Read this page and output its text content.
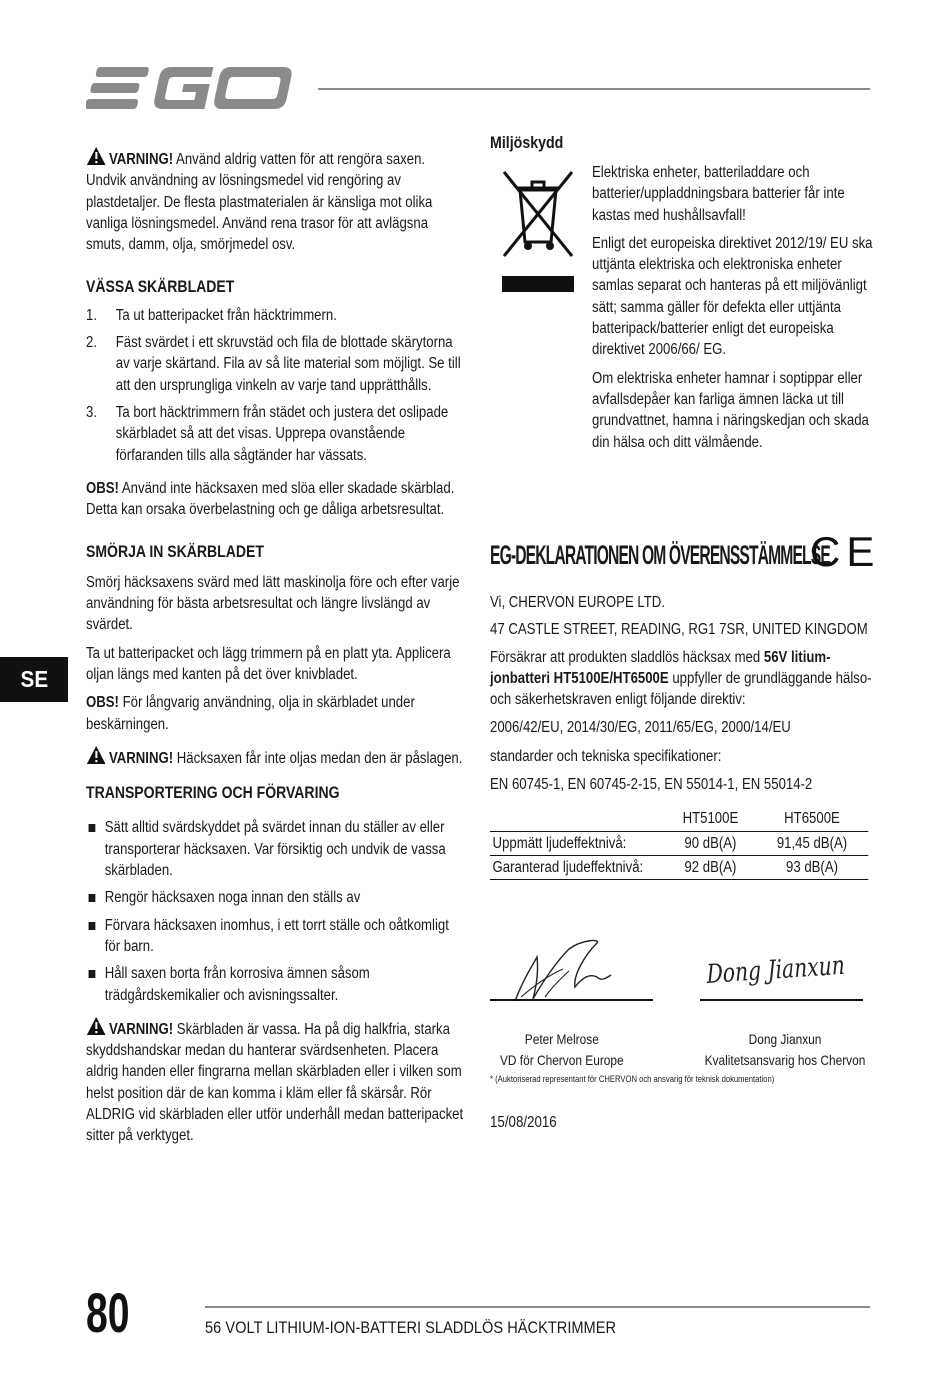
SE

VARNING! Använd aldrig vatten för att rengöra saxen. Undvik användning av lösningsmedel vid rengöring av plastdetaljer. De flesta plastmaterialen är känsliga mot olika vanliga lösningsmedel. Använd rena trasor för att avlägsna smuts, damm, olja, smörjmedel osv.

VÄSSA SKÄRBLADET

1. Ta ut batteripacket från häcktrimmern.
2. Fäst svärdet i ett skruvstäd och fila de blottade skärytorna av varje skärtand. Fila av så lite material som möjligt. Se till att den ursprungliga vinkeln av varje tand upprätthålls.
3. Ta bort häcktrimmern från städet och justera det oslipade skärbladet så att det visas. Upprepa ovanstående förfaranden tills alla sågtänder har vässats.

OBS! Använd inte häcksaxen med slöa eller skadade skärblad. Detta kan orsaka överbelastning och ge dåliga arbetsresultat.

SMÖRJA IN SKÄRBLADET

Smörj häcksaxens svärd med lätt maskinolja före och efter varje användning för bästa arbetsresultat och längre livslängd av svärdet.

Ta ut batteripacket och lägg trimmern på en platt yta. Applicera oljan längs med kanten på det över knivbladet.

OBS! För långvarig användning, olja in skärbladet under beskärningen.

VARNING! Häcksaxen får inte oljas medan den är påslagen.

TRANSPORTERING OCH FÖRVARING

Sätt alltid svärdskyddet på svärdet innan du ställer av eller transporterar häcksaxen. Var försiktig och undvik de vassa skärbladen.
Rengör häcksaxen noga innan den ställs av
Förvara häcksaxen inomhus, i ett torrt ställe och oåtkomligt för barn.
Håll saxen borta från korrosiva ämnen såsom trädgårdskemikalier och avisningssalter.

VARNING! Skärbladen är vassa. Ha på dig halkfria, starka skyddshandskar medan du hanterar svärdsenheten. Placera aldrig handen eller fingrarna mellan skärbladen eller i vilken som helst position där de kan komma i kläm eller få skärsår. Rör ALDRIG vid skärbladen eller utför underhåll medan batteripacket sitter på verktyget.

Miljöskydd

Elektriska enheter, batteriladdare och batterier/uppladdningsbara batterier får inte kastas med hushållsavfall!

Enligt det europeiska direktivet 2012/19/ EU ska uttjänta elektriska och elektroniska enheter samlas separat och hanteras på ett miljövänligt sätt; samma gäller för defekta eller uttjänta batteripack/batterier enligt det europeiska direktivet 2006/66/ EG.

Om elektriska enheter hamnar i soptippar eller avfallsdepåer kan farliga ämnen läcka ut till grundvattnet, hamna i näringskedjan och skada din hälsa och ditt välmående.

EG-DEKLARATIONEN OM ÖVERENSSTÄMMELSE
CE

Vi, CHERVON EUROPE LTD.

47 CASTLE STREET, READING, RG1 7SR, UNITED KINGDOM

Försäkrar att produkten sladdlös häcksax med 56V litium-jonbatteri HT5100E/HT6500E uppfyller de grundläggande hälso- och säkerhetskraven enligt följande direktiv:

2006/42/EU, 2014/30/EG, 2011/65/EG, 2000/14/EU

standarder och tekniska specifikationer:

EN 60745-1, EN 60745-2-15, EN 55014-1, EN 55014-2

	HT5100E	HT6500E
Uppmätt ljudeffektnivå:	90 dB(A)	91,45 dB(A)
Garanterad ljudeffektnivå:	92 dB(A)	93 dB(A)
Dong Jianxun
Peter Melrose
VD för Chervon Europe
Dong Jianxun
Kvalitetsansvarig hos Chervon
* (Auktoriserad representant för CHERVON och ansvarig för teknisk dokumentation)
15/08/2016
80	56 VOLT LITHIUM-ION-BATTERI SLADDLÖS HÄCKTRIMMER
